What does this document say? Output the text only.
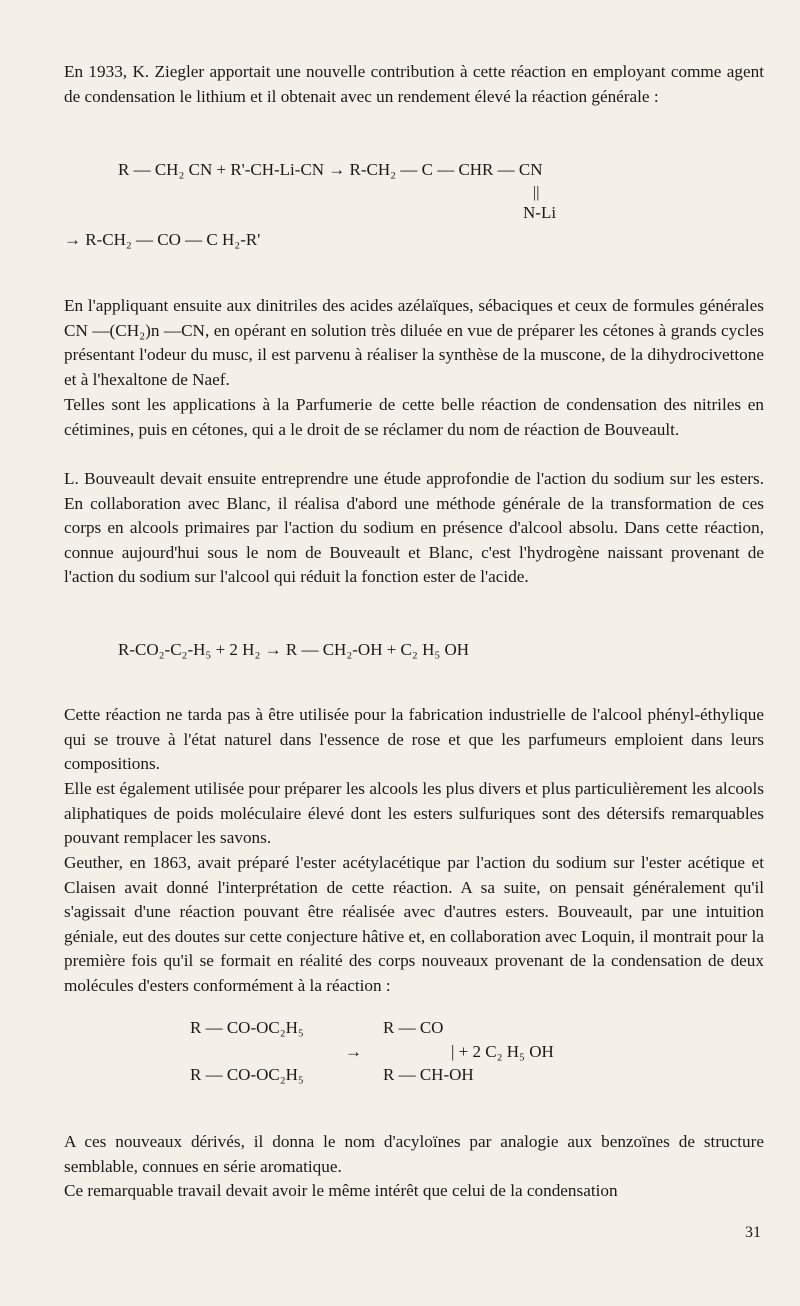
En 1933, K. Ziegler apportait une nouvelle contribution à cette réaction en employant comme agent de condensation le lithium et il obtenait avec un rendement élevé la réaction générale :

R — CH₂ CN + R'-CH-Li-CN → R-CH₂ — C — CHR — CN
||
N-Li
→ R-CH₂ — CO — C H₂-R'

En l'appliquant ensuite aux dinitriles des acides azélaïques, sébaciques et ceux de formules générales CN —(CH₂)n —CN, en opérant en solution très diluée en vue de préparer les cétones à grands cycles présentant l'odeur du musc, il est parvenu à réaliser la synthèse de la muscone, de la dihydrocivettone et à l'hexaltone de Naef.

Telles sont les applications à la Parfumerie de cette belle réaction de condensation des nitriles en cétimines, puis en cétones, qui a le droit de se réclamer du nom de réaction de Bouveault.

L. Bouveault devait ensuite entreprendre une étude approfondie de l'action du sodium sur les esters. En collaboration avec Blanc, il réalisa d'abord une méthode générale de la transformation de ces corps en alcools primaires par l'action du sodium en présence d'alcool absolu. Dans cette réaction, connue aujourd'hui sous le nom de Bouveault et Blanc, c'est l'hydrogène naissant provenant de l'action du sodium sur l'alcool qui réduit la fonction ester de l'acide.

R-CO₂-C₂-H₅ + 2 H₂ → R — CH₂-OH + C₂ H₅ OH

Cette réaction ne tarda pas à être utilisée pour la fabrication industrielle de l'alcool phényl-éthylique qui se trouve à l'état naturel dans l'essence de rose et que les parfumeurs emploient dans leurs compositions.

Elle est également utilisée pour préparer les alcools les plus divers et plus particulièrement les alcools aliphatiques de poids moléculaire élevé dont les esters sulfuriques sont des détersifs remarquables pouvant remplacer les savons.

Geuther, en 1863, avait préparé l'ester acétylacétique par l'action du sodium sur l'ester acétique et Claisen avait donné l'interprétation de cette réaction. A sa suite, on pensait généralement qu'il s'agissait d'une réaction pouvant être réalisée avec d'autres esters. Bouveault, par une intuition géniale, eut des doutes sur cette conjecture hâtive et, en collaboration avec Loquin, il montrait pour la première fois qu'il se formait en réalité des corps nouveaux provenant de la condensation de deux molécules d'esters conformément à la réaction :

R — CO-OC₂H₅
R — CO-OC₂H₅
→
R — CO
| + 2 C₂ H₅ OH
R — CH-OH

A ces nouveaux dérivés, il donna le nom d'acyloïnes par analogie aux benzoïnes de structure semblable, connues en série aromatique.

Ce remarquable travail devait avoir le même intérêt que celui de la condensation

31
